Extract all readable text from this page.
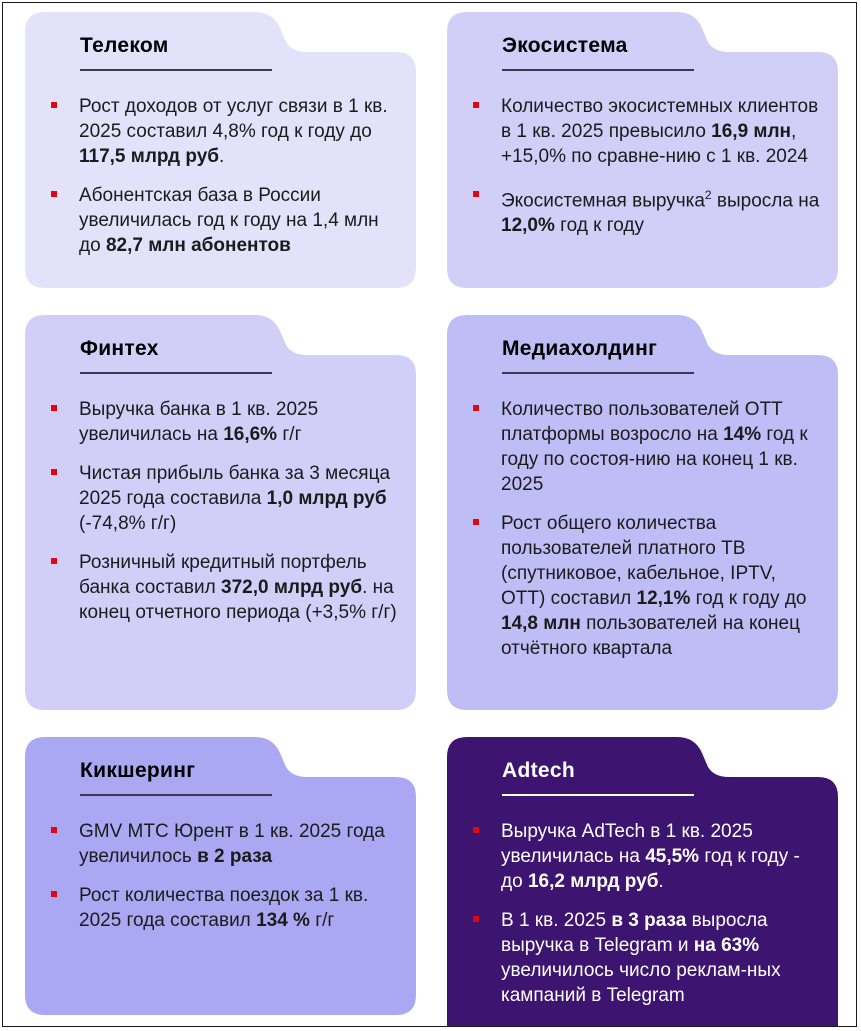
Телеком
Рост доходов от услуг связи в 1 кв. 2025 составил 4,8% год к году до 117,5 млрд руб.
Абонентская база в России увеличилась год к году на 1,4 млн до 82,7 млн абонентов
Экосистема
Количество экосистемных клиентов в 1 кв. 2025 превысило 16,9 млн, +15,0% по сравне-нию с 1 кв. 2024
Экосистемная выручка$^2$ выросла на 12,0% год к году
Финтех
Выручка банка в 1 кв. 2025 увеличилась на 16,6% г/г
Чистая прибыль банка за 3 месяца 2025 года составила 1,0 млрд руб (-74,8% г/г)
Розничный кредитный портфель банка составил 372,0 млрд руб. на конец отчетного периода (+3,5% г/г)
Медиахолдинг
Количество пользователей ОТТ платформы возросло на 14% год к году по состоя-нию на конец 1 кв. 2025
Рост общего количества пользователей платного ТВ (спутниковое, кабельное, IPTV, ОТТ) составил 12,1% год к году до 14,8 млн пользователей на конец отчётного квартала
Кикшеринг
GMV МТС Юрент в 1 кв. 2025 года увеличилось в 2 раза
Рост количества поездок за 1 кв. 2025 года составил 134 % г/г
Adtech
Выручка AdTech в 1 кв. 2025 увеличилась на 45,5% год к году - до 16,2 млрд руб.
В 1 кв. 2025 в 3 раза выросла выручка в Telegram и на 63% увеличилось число реклам-ных кампаний в Telegram
